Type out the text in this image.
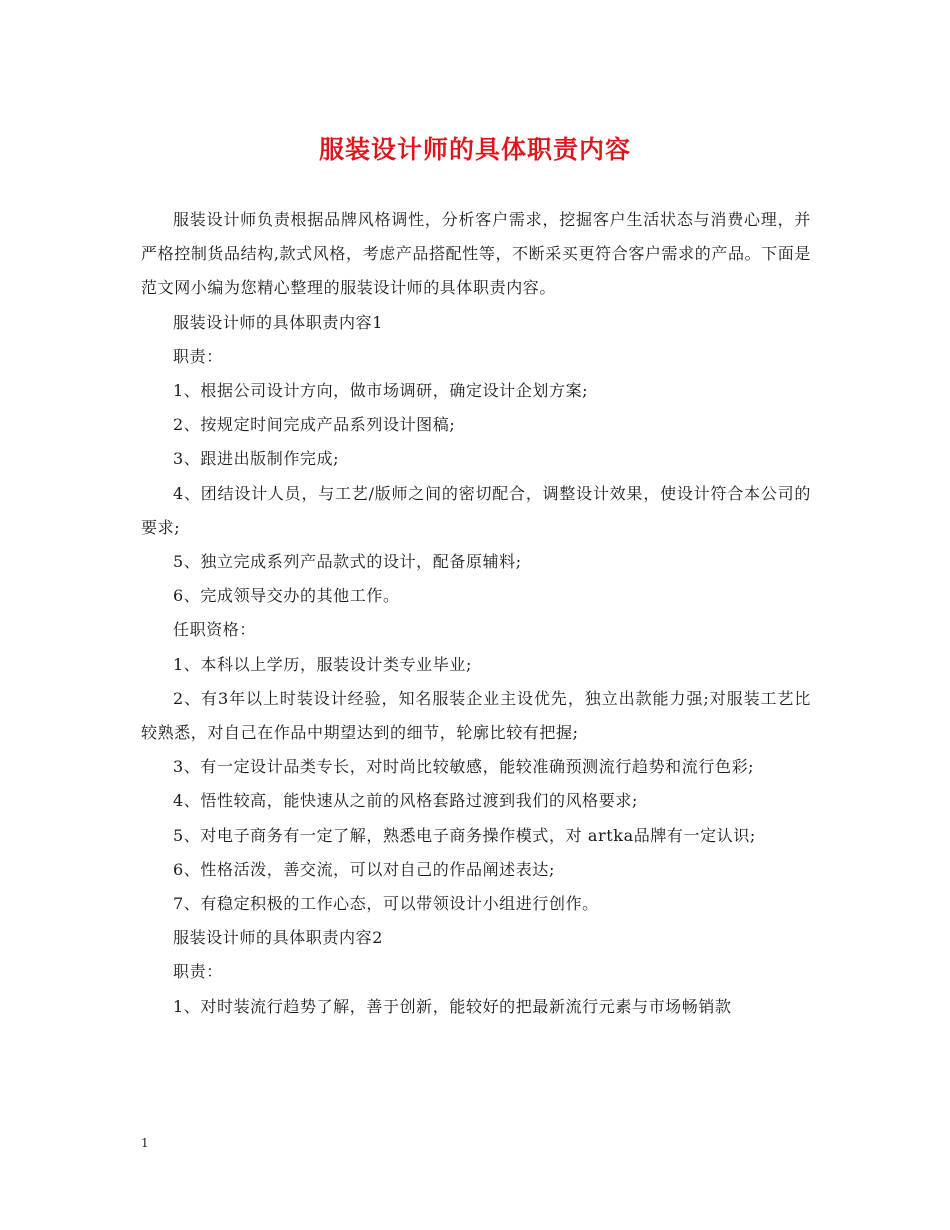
服装设计师的具体职责内容

服装设计师负责根据品牌风格调性，分析客户需求，挖掘客户生活状态与消费心理，并严格控制货品结构,款式风格，考虑产品搭配性等，不断采买更符合客户需求的产品。下面是范文网小编为您精心整理的服装设计师的具体职责内容。

服装设计师的具体职责内容1

职责：

1、根据公司设计方向，做市场调研，确定设计企划方案;

2、按规定时间完成产品系列设计图稿;

3、跟进出版制作完成;

4、团结设计人员，与工艺/版师之间的密切配合，调整设计效果，使设计符合本公司的要求;

5、独立完成系列产品款式的设计，配备原辅料;

6、完成领导交办的其他工作。

任职资格：

1、本科以上学历，服装设计类专业毕业;

2、有3年以上时装设计经验，知名服装企业主设优先，独立出款能力强;对服装工艺比较熟悉，对自己在作品中期望达到的细节，轮廓比较有把握;

3、有一定设计品类专长，对时尚比较敏感，能较准确预测流行趋势和流行色彩;

4、悟性较高，能快速从之前的风格套路过渡到我们的风格要求;

5、对电子商务有一定了解，熟悉电子商务操作模式，对 artka品牌有一定认识;

6、性格活泼，善交流，可以对自己的作品阐述表达;

7、有稳定积极的工作心态，可以带领设计小组进行创作。

服装设计师的具体职责内容2

职责：

1、对时装流行趋势了解，善于创新，能较好的把最新流行元素与市场畅销款

1
